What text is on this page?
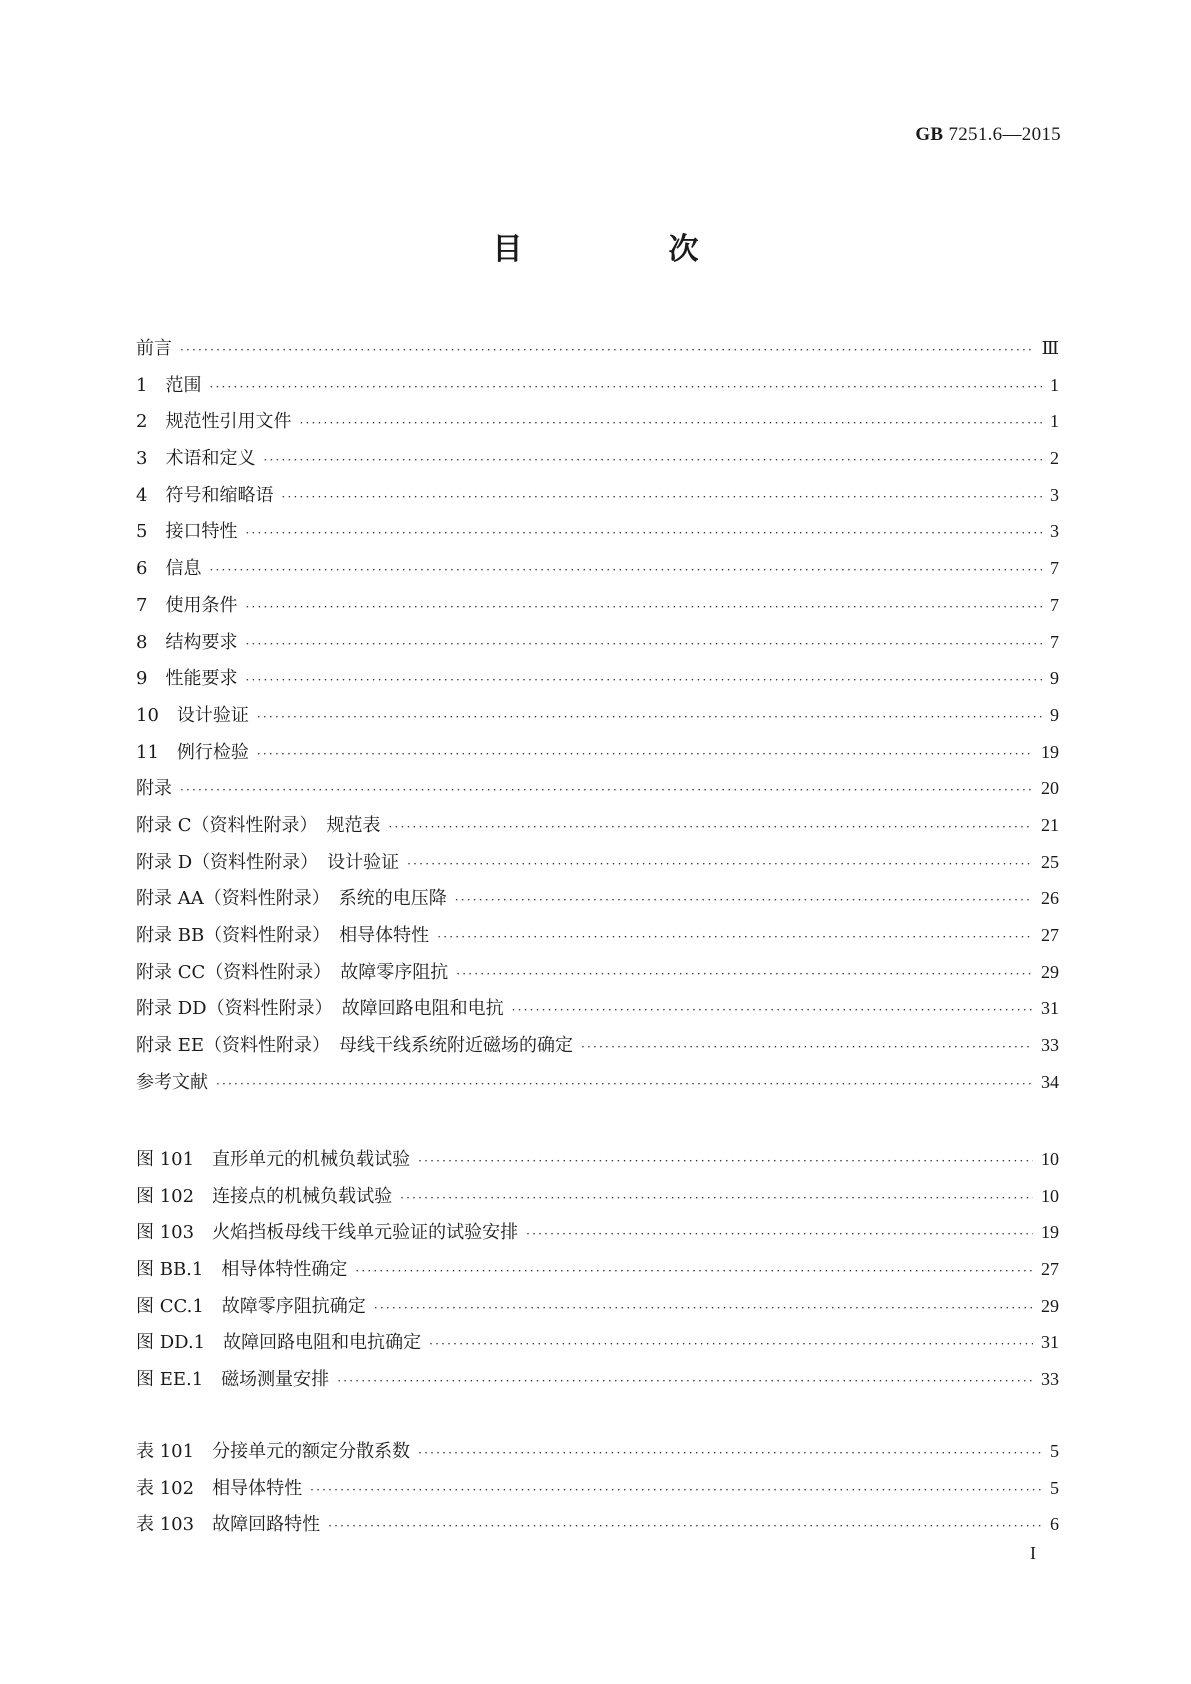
GB 7251.6—2015
目　次
前言 ·····	Ⅲ
1　范围 ·····	1
2　规范性引用文件 ·····	1
3　术语和定义 ·····	2
4　符号和缩略语 ·····	3
5　接口特性 ·····	3
6　信息 ·····	7
7　使用条件 ·····	7
8　结构要求 ·····	7
9　性能要求 ·····	9
10　设计验证 ·····	9
11　例行检验 ·····	19
附录 ·····	20
附录 C（资料性附录）　规范表 ·····	21
附录 D（资料性附录）　设计验证 ·····	25
附录 AA（资料性附录）　系统的电压降 ·····	26
附录 BB（资料性附录）　相导体特性 ·····	27
附录 CC（资料性附录）　故障零序阻抗 ·····	29
附录 DD（资料性附录）　故障回路电阻和电抗 ·····	31
附录 EE（资料性附录）　母线干线系统附近磁场的确定 ·····	33
参考文献 ·····	34
图 101　直形单元的机械负载试验 ·····	10
图 102　连接点的机械负载试验 ·····	10
图 103　火焰挡板母线干线单元验证的试验安排 ·····	19
图 BB.1　相导体特性确定 ·····	27
图 CC.1　故障零序阻抗确定 ·····	29
图 DD.1　故障回路电阻和电抗确定 ·····	31
图 EE.1　磁场测量安排 ·····	33
表 101　分接单元的额定分散系数 ·····	5
表 102　相导体特性 ·····	5
表 103　故障回路特性 ·····	6
I
